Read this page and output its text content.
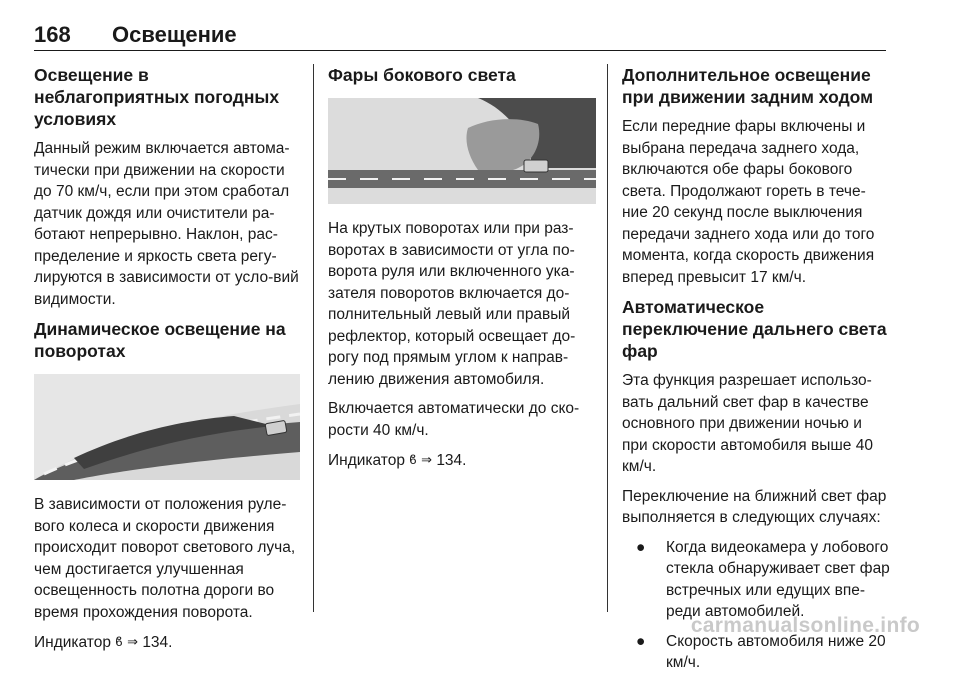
168 Освещение
Освещение в неблагоприятных погодных условиях

Данный режим включается автома-тически при движении на скорости до 70 км/ч, если при этом сработал датчик дождя или очистители ра-ботают непрерывно. Наклон, рас-пределение и яркость света регу-лируются в зависимости от усло-вий видимости.

Динамическое освещение на поворотах

В зависимости от положения руле-вого колеса и скорости движения происходит поворот светового луча, чем достигается улучшенная освещенность полотна дороги во время прохождения поворота.

Индикатор ϐ ⇒ 134.

Фары бокового света

На крутых поворотах или при раз-воротах в зависимости от угла по-ворота руля или включенного ука-зателя поворотов включается до-полнительный левый или правый рефлектор, который освещает до-рогу под прямым углом к направ-лению движения автомобиля.

Включается автоматически до ско-рости 40 км/ч.

Индикатор ϐ ⇒ 134.

Дополнительное освещение при движении задним ходом

Если передние фары включены и выбрана передача заднего хода, включаются обе фары бокового света. Продолжают гореть в тече-ние 20 секунд после выключения передачи заднего хода или до того момента, когда скорость движения вперед превысит 17 км/ч.

Автоматическое переключение дальнего света фар

Эта функция разрешает использо-вать дальний свет фар в качестве основного при движении ночью и при скорости автомобиля выше 40 км/ч.

Переключение на ближний свет фар выполняется в следующих случаях:

● Когда видеокамера у лобового стекла обнаруживает свет фар встречных или едущих впе-реди автомобилей.
● Скорость автомобиля ниже 20 км/ч.
carmanualsonline.info
